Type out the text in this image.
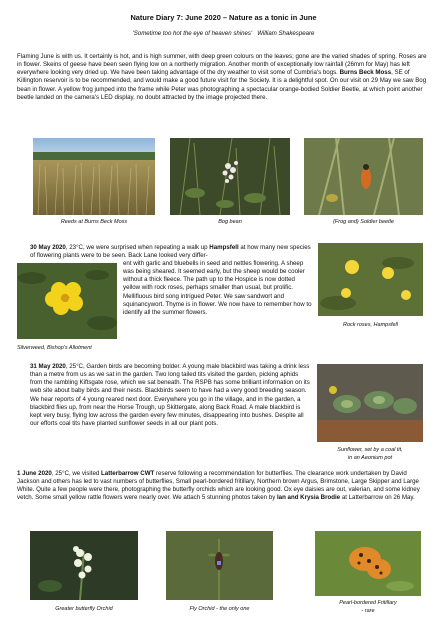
Nature Diary 7: June 2020 – Nature as a tonic in June
'Sometime too hot the eye of heaven shines' William Shakespeare
Flaming June is with us. It certainly is hot, and is high summer, with deep green colours on the leaves; gone are the varied shades of spring. Roses are in flower. Skeins of geese have been seen flying low on a northerly migration. Another month of exceptionally low rainfall (26mm for May) has left everywhere looking very dried up. We have been taking advantage of the dry weather to visit some of Cumbria's bogs. Burns Beck Moss, SE of Killington reservoir is to be recommended, and would make a good future visit for the Society. It is a delightful spot. On our visit on 29 May we saw Bog bean in flower. A yellow frog jumped into the frame while Peter was photographing a spectacular orange-bodied Soldier Beetle, at which point another beetle landed on the camera's LED display, no doubt attracted by the image projected there.
Reeds at Burns Beck Moss	Bog bean	(Frog and) Soldier beetle
30 May 2020, 23°C, we were surprised when repeating a walk up Hampsfell at how many new species of flowering plants were to be seen. Back Lane looked very differ-
ent with garlic and bluebells in seed and nettles flowering. A sheep was being sheared. It seemed early, but the sheep would be cooler without a thick fleece. The path up to the Hospice is now dotted yellow with rock roses, perhaps smaller than usual, but prolific. Mellifluous bird song intrigued Peter. We saw sandwort and squinancywort. Thyme is in flower. We now have to remember how to identify all the summer flowers.
Silverweed, Bishop's Allotment
Rock roses, Hampsfell
31 May 2020, 25°C, Garden birds are becoming bolder. A young male blackbird was taking a drink less than a metre from us as we sat in the garden. Two long tailed tits visited the garden, picking aphids from the rambling Kiftsgate rose, which we sat beneath. The RSPB has some brilliant information on its web site about baby birds and their nests. Blackbirds seem to have had a very good breeding season. We hear reports of 4 young reared next door. Everywhere you go in the village, and in the garden, a blackbird flies up, from near the Horse Trough, up Skittergate, along Back Road. A male blackbird is kept very busy, flying low across the garden every few minutes, disappearing into bushes. Despite all our efforts coal tits have planted sunflower seeds in all our plant pots.
Sunflower, set by a coal tit,
in an Aeonium pot
1 June 2020, 25°C, we visited Latterbarrow CWT reserve following a recommendation for butterflies. The clearance work undertaken by David Jackson and others has led to vast numbers of butterflies, Small pearl-bordered fritillary, Northern brown Argus, Brimstone, Large Skipper and Large White. Quite a few people were there, photographing the butterfly orchids which are looking good. Ox eye daisies are out, valerian, and some kidney vetch. Some small yellow rattle flowers were nearly over. We attach 5 stunning photos taken by Ian and Krysia Brodie at Latterbarrow on 26 May.
Greater butterfly Orchid	Fly Orchid - the only one
Pearl-bordered Fritillary
- rare
